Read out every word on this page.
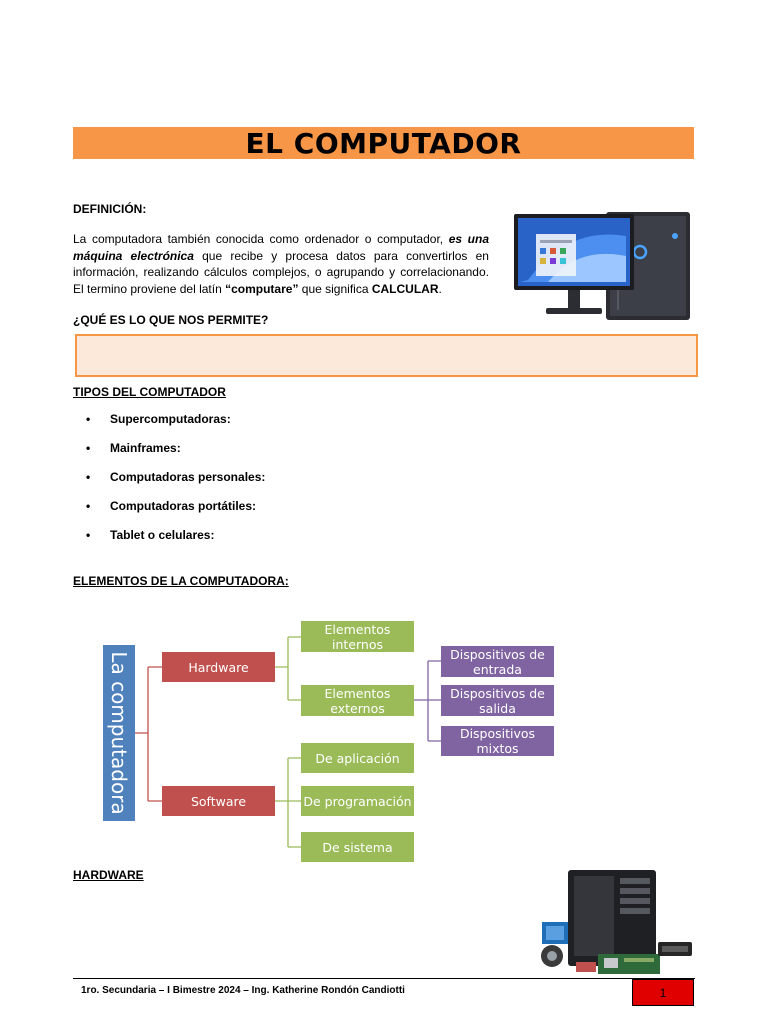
EL COMPUTADOR
DEFINICIÓN:
La computadora también conocida como ordenador o computador, es una máquina electrónica que recibe y procesa datos para convertirlos en información, realizando cálculos complejos, o agrupando y correlacionando. El termino proviene del latín “computare” que significa CALCULAR.
¿QUÉ ES LO QUE NOS PERMITE?
TIPOS DEL COMPUTADOR
•	Supercomputadoras:
•	Mainframes:
•	Computadoras personales:
•	Computadoras portátiles:
•	Tablet o celulares:
ELEMENTOS DE LA COMPUTADORA:
La computadora	Hardware
Software
Elementos internos
Elementos externos
De aplicación
De programación
De sistema
Dispositivos de entrada
Dispositivos de salida
Dispositivos mixtos
HARDWARE
1ro. Secundaria – I Bimestre 2024 – Ing. Katherine Rondón Candiotti	1
